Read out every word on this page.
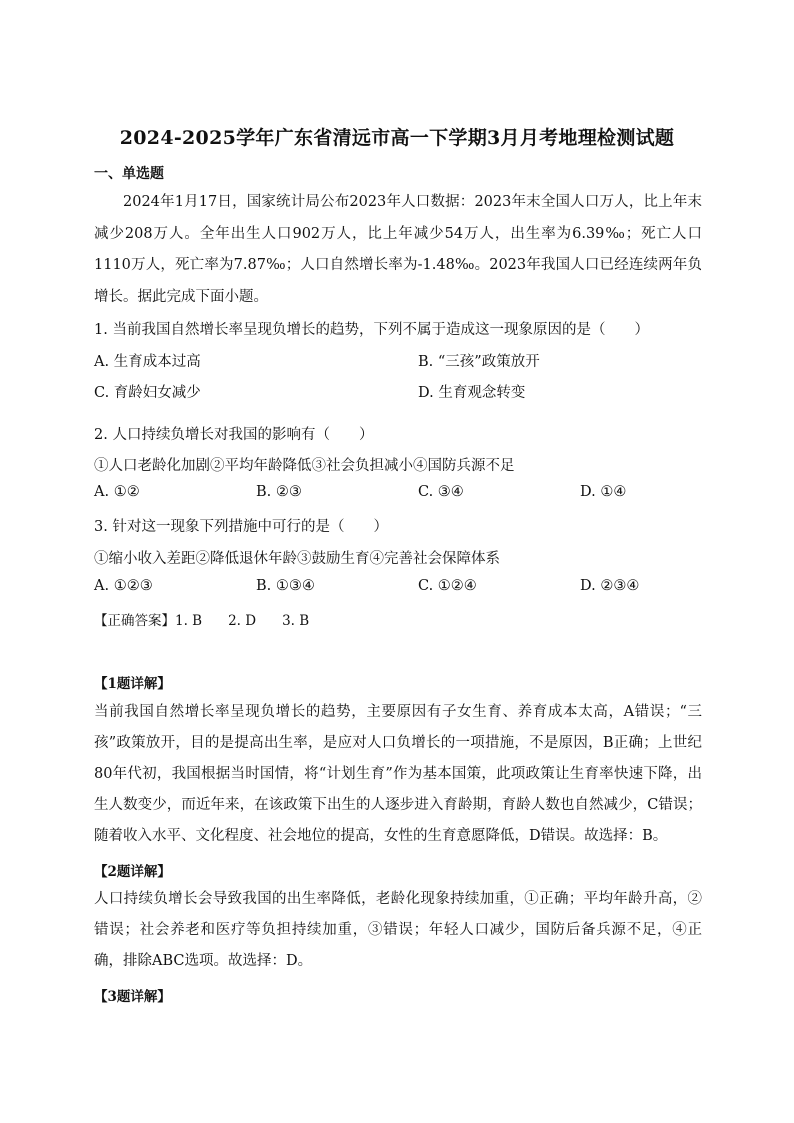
2024-2025学年广东省清远市高一下学期3月月考地理检测试题
一、单选题
2024年1月17日，国家统计局公布2023年人口数据：2023年末全国人口万人，比上年末减少208万人。全年出生人口902万人，比上年减少54万人，出生率为6.39‰；死亡人口1110万人，死亡率为7.87‰；人口自然增长率为-1.48‰。2023年我国人口已经连续两年负增长。据此完成下面小题。
1. 当前我国自然增长率呈现负增长的趋势，下列不属于造成这一现象原因的是（　　）
A. 生育成本过高	B. “三孩”政策放开
C. 育龄妇女减少	D. 生育观念转变
2. 人口持续负增长对我国的影响有（　　）
①人口老龄化加剧②平均年龄降低③社会负担减小④国防兵源不足
A. ①②	B. ②③	C. ③④	D. ①④
3. 针对这一现象下列措施中可行的是（　　）
①缩小收入差距②降低退休年龄③鼓励生育④完善社会保障体系
A. ①②③	B. ①③④	C. ①②④	D. ②③④
【正确答案】1. B 2. D 3. B
【1题详解】
当前我国自然增长率呈现负增长的趋势，主要原因有子女生育、养育成本太高，A错误；“三孩”政策放开，目的是提高出生率，是应对人口负增长的一项措施，不是原因，B正确；上世纪80年代初，我国根据当时国情，将“计划生育”作为基本国策，此项政策让生育率快速下降，出生人数变少，而近年来，在该政策下出生的人逐步进入育龄期，育龄人数也自然减少，C错误；随着收入水平、文化程度、社会地位的提高，女性的生育意愿降低，D错误。故选择：B。
【2题详解】
人口持续负增长会导致我国的出生率降低，老龄化现象持续加重，①正确；平均年龄升高，②错误；社会养老和医疗等负担持续加重，③错误；年轻人口减少，国防后备兵源不足，④正确，排除ABC选项。故选择：D。
【3题详解】
